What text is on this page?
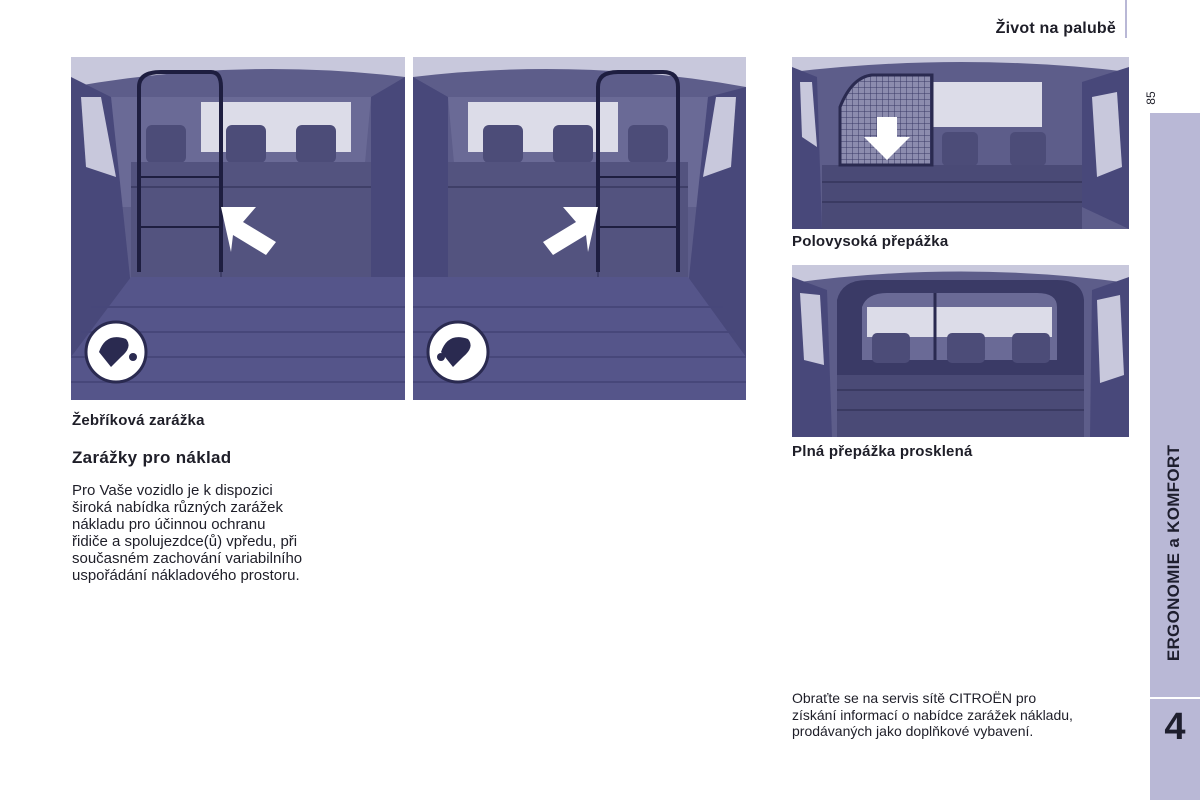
Život na palubě
85
ERGONOMIE a KOMFORT
4
Žebříková zarážka
Polovysoká přepážka
Plná přepážka prosklená
Zarážky pro náklad
Pro Vaše vozidlo je k dispozici
široká nabídka různých zarážek
nákladu pro účinnou ochranu
řidiče a spolujezdce(ů) vpředu, při
současném zachování variabilního
uspořádání nákladového prostoru.
Obraťte se na servis sítě CITROËN pro
získání informací o nabídce zarážek nákladu,
prodávaných jako doplňkové vybavení.
